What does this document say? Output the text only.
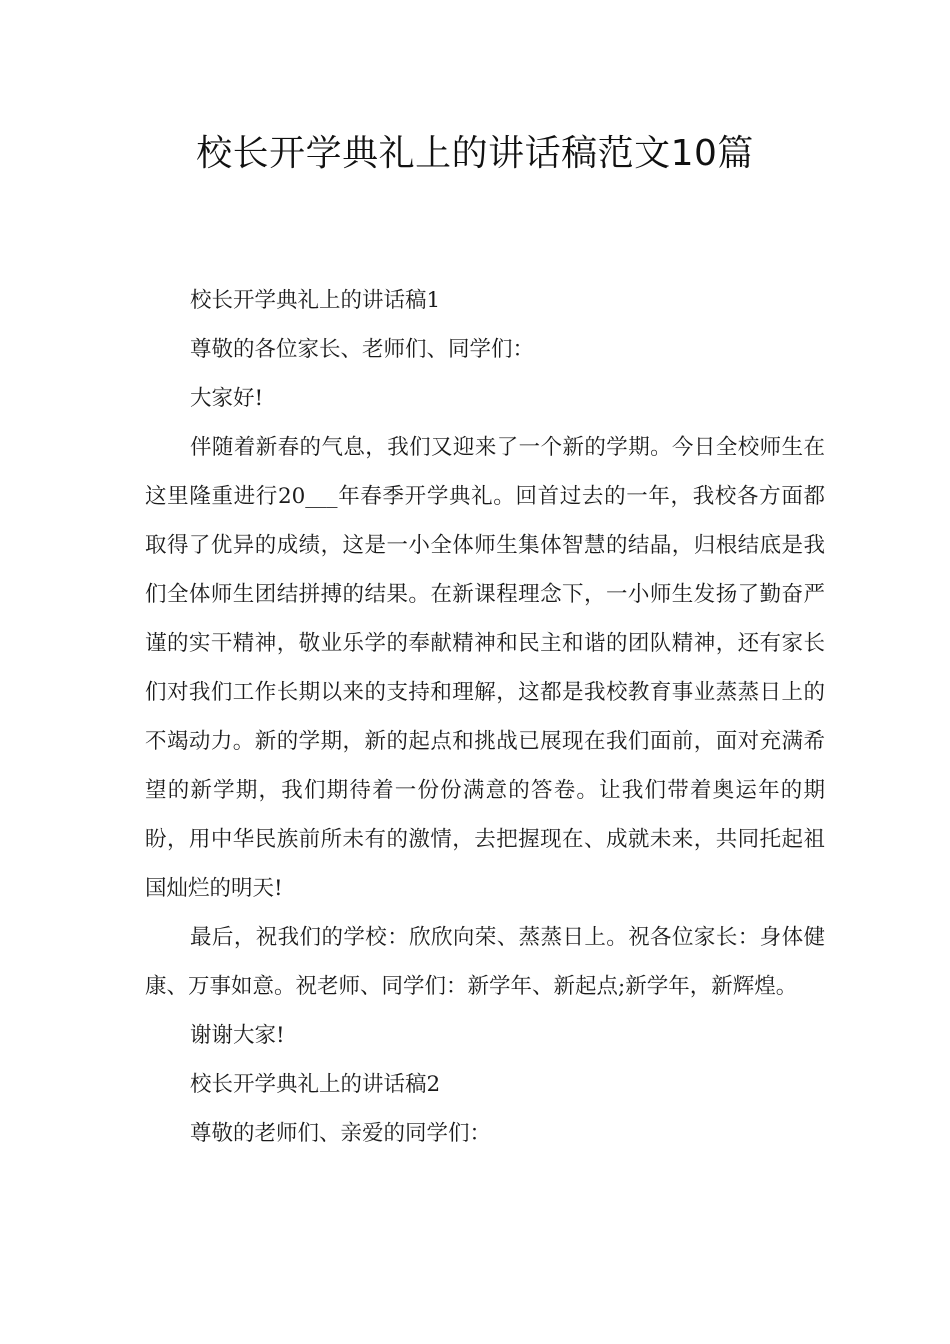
校长开学典礼上的讲话稿范文10篇

校长开学典礼上的讲话稿1

尊敬的各位家长、老师们、同学们：

大家好!

伴随着新春的气息，我们又迎来了一个新的学期。今日全校师生在这里隆重进行20___年春季开学典礼。回首过去的一年，我校各方面都取得了优异的成绩，这是一小全体师生集体智慧的结晶，归根结底是我们全体师生团结拼搏的结果。在新课程理念下，一小师生发扬了勤奋严谨的实干精神，敬业乐学的奉献精神和民主和谐的团队精神，还有家长们对我们工作长期以来的支持和理解，这都是我校教育事业蒸蒸日上的不竭动力。新的学期，新的起点和挑战已展现在我们面前，面对充满希望的新学期，我们期待着一份份满意的答卷。让我们带着奥运年的期盼，用中华民族前所未有的激情，去把握现在、成就未来，共同托起祖国灿烂的明天!

最后，祝我们的学校：欣欣向荣、蒸蒸日上。祝各位家长：身体健康、万事如意。祝老师、同学们：新学年、新起点;新学年，新辉煌。

谢谢大家!

校长开学典礼上的讲话稿2

尊敬的老师们、亲爱的同学们：
